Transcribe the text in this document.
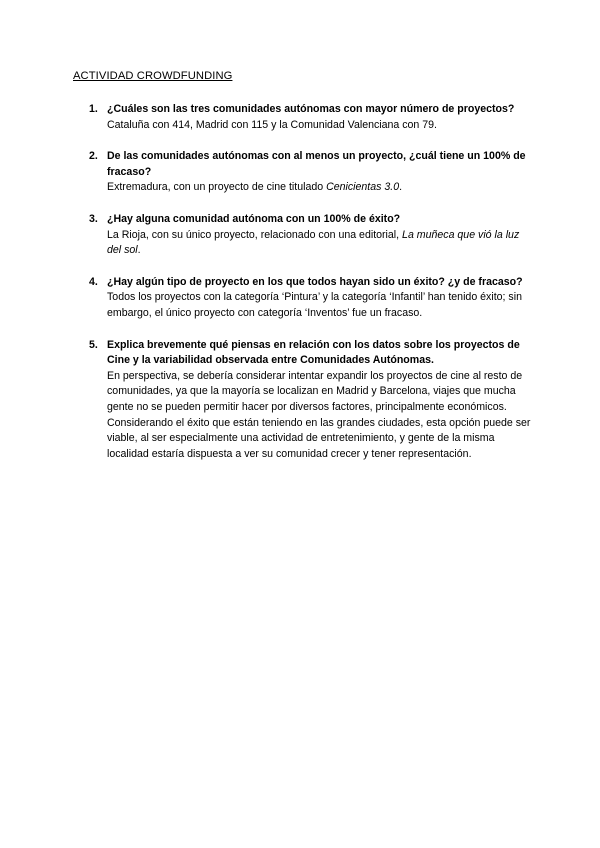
ACTIVIDAD CROWDFUNDING
1. ¿Cuáles son las tres comunidades autónomas con mayor número de proyectos?
Cataluña con 414, Madrid con 115 y la Comunidad Valenciana con 79.
2. De las comunidades autónomas con al menos un proyecto, ¿cuál tiene un 100% de fracaso?
Extremadura, con un proyecto de cine titulado Cenicientas 3.0.
3. ¿Hay alguna comunidad autónoma con un 100% de éxito?
La Rioja, con su único proyecto, relacionado con una editorial, La muñeca que vió la luz del sol.
4. ¿Hay algún tipo de proyecto en los que todos hayan sido un éxito? ¿y de fracaso?
Todos los proyectos con la categoría ‘Pintura’ y la categoría ‘Infantil’ han tenido éxito; sin embargo, el único proyecto con categoría ‘Inventos’ fue un fracaso.
5. Explica brevemente qué piensas en relación con los datos sobre los proyectos de Cine y la variabilidad observada entre Comunidades Autónomas.
En perspectiva, se debería considerar intentar expandir los proyectos de cine al resto de comunidades, ya que la mayoría se localizan en Madrid y Barcelona, viajes que mucha gente no se pueden permitir hacer por diversos factores, principalmente económicos. Considerando el éxito que están teniendo en las grandes ciudades, esta opción puede ser viable, al ser especialmente una actividad de entretenimiento, y gente de la misma localidad estaría dispuesta a ver su comunidad crecer y tener representación.
